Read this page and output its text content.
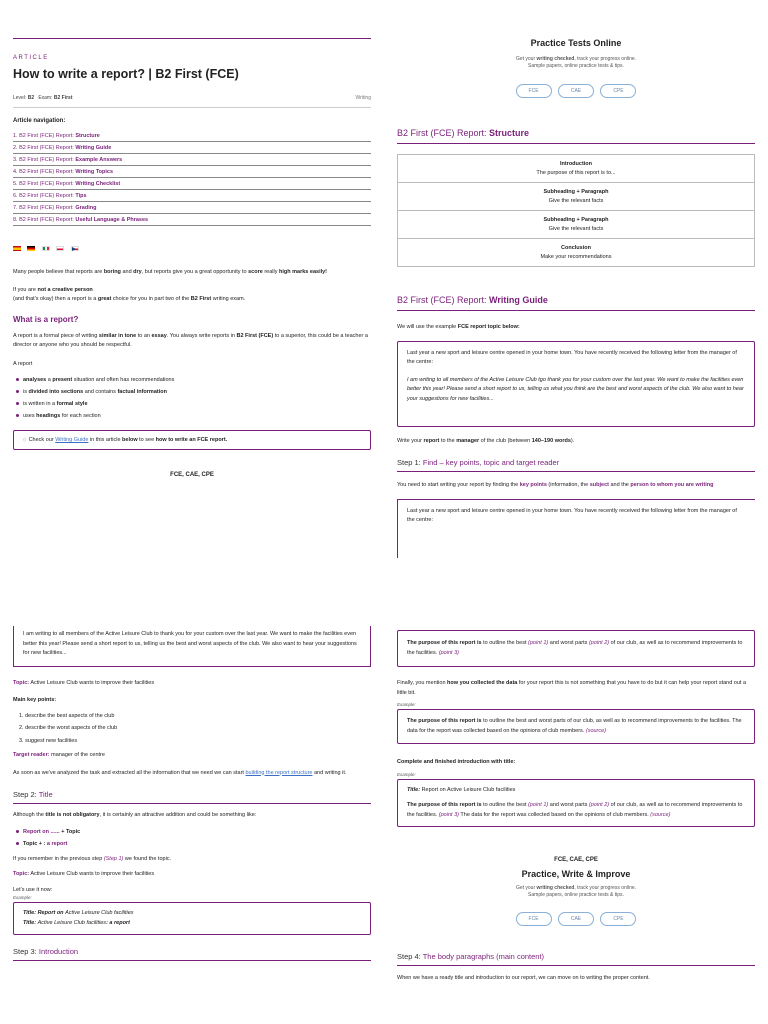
ARTICLE
How to write a report? | B2 First (FCE)
Level: B2 Exam: B2 First	Writing
Article navigation:
1. B2 First (FCE) Report: Structure
2. B2 First (FCE) Report: Writing Guide
3. B2 First (FCE) Report: Example Answers
4. B2 First (FCE) Report: Writing Topics
5. B2 First (FCE) Report: Writing Checklist
6. B2 First (FCE) Report: Tips
7. B2 First (FCE) Report: Grading
8. B2 First (FCE) Report: Useful Language & Phrases

Many people believe that reports are boring and dry, but reports give you a great opportunity to score really high marks easily!

If you are not a creative person
(and that's okay) then a report is a great choice for you in part two of the B2 First writing exam.

What is a report?

A report is a formal piece of writing similar in tone to an essay. You always write reports in B2 First (FCE) to a superior, this could be a teacher a director or anyone who you should be respectful.

A report

analyses a present situation and often has recommendations
is divided into sections and contains factual information
is written in a formal style
uses headings for each section
☼ Check our Writing Guide in this article below to see how to write an FCE report.
FCE, CAE, CPE
Practice Tests Online
Get your writing checked, track your progress online.
Sample papers, online practice tests & tips.
FCE	CAE	CPE
B2 First (FCE) Report: Structure
Introduction
The purpose of this report is to...
Subheading + Paragraph
Give the relevant facts
Subheading + Paragraph
Give the relevant facts
Conclusion
Make your recommendations
B2 First (FCE) Report: Writing Guide

We will use the example FCE report topic below:

Last year a new sport and leisure centre opened in your home town. You have recently received the following letter from the manager of the centre:

I am writing to all members of the Active Leisure Club tgo thank you for your custom over the last year. We want to make the facilities even better this year! Please send a short report to us, telling us what you think are the best and worst aspects of the club. We also want to hear your suggestions for new facilities...

Write your report to the manager of the club (between 140–190 words).

Step 1: Find – key points, topic and target reader

You need to start writing your report by finding the key points (information, the subject and the person to whom you are writing

Last year a new sport and leisure centre opened in your home town. You have recently received the following letter from the manager of the centre:

I am writing to all members of the Active Leisure Club to thank you for your custom over the last year. We want to make the facilities even better this year! Please send a short report to us, telling us the best and worst aspects of the club. We also want to hear your suggestions for new facilities...

Topic: Active Leisure Club wants to improve their facilities

Main key points:

1. describe the best aspects of the club
2. describe the worst aspects of the club
3. suggest new facilities

Target reader: manager of the centre

As soon as we've analyzed the task and extracted all the information that we need we can start building the report structure and writing it.

Step 2: Title

Although the title is not obligatory, it is certainly an attractive addition and could be something like:

Report on ...... + Topic
Topic + : a report

If you remember in the previous step (Step 1) we found the topic.

Topic: Active Leisure Club wants to improve their facilities

Let's use it now:

Example:

Title: Report on Active Leisure Club facilities

Title: Active Leisure Club facilities: a report

Step 3: Introduction

The purpose of this report is to outline the best (point 1) and worst parts (point 2) of our club, as well as to recommend improvements to the facilities. (point 3)

Finally, you mention how you collected the data for your report this is not something that you have to do but it can help your report stand out a little bit.

Example:

The purpose of this report is to outline the best and worst parts of our club, as well as to recommend improvements to the facilities. The data for the report was collected based on the opinions of club members. (source)

Complete and finished introduction with title:

Example:

Title: Report on Active Leisure Club facilities

The purpose of this report is to outline the best (point 1) and worst parts (point 2) of our club, as well as to recommend improvements to the facilities. (point 3) The data for the report was collected based on the opinions of club members. (source)

FCE, CAE, CPE
Practice, Write & Improve
Get your writing checked, track your progress online.
Sample papers, online practice tests & tips.
FCE	CAE	CPE
Step 4: The body paragraphs (main content)

When we have a ready title and introduction to our report, we can move on to writing the proper content.
